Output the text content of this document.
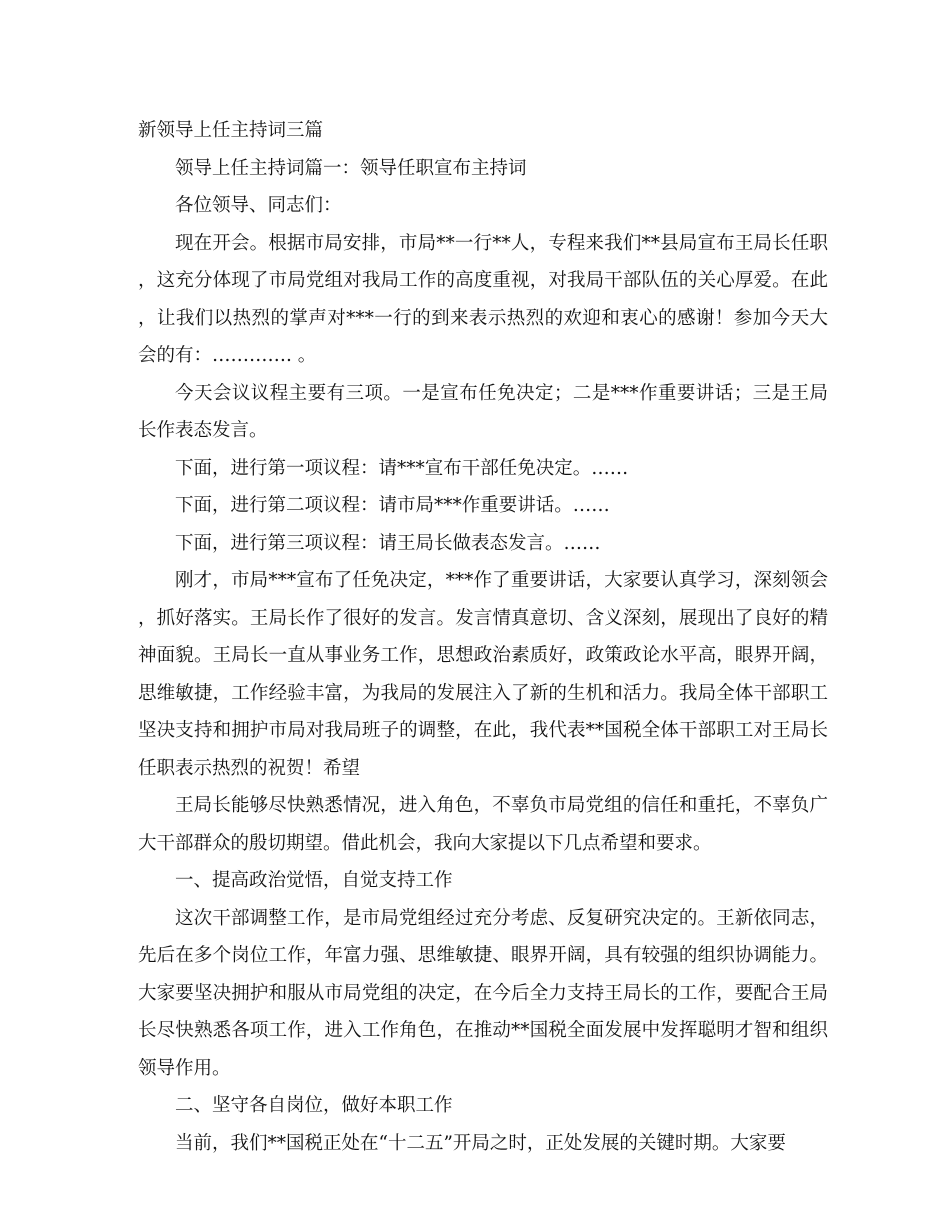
新领导上任主持词三篇

领导上任主持词篇一：领导任职宣布主持词

各位领导、同志们：

现在开会。根据市局安排，市局**一行**人，专程来我们**县局宣布王局长任职，这充分体现了市局党组对我局工作的高度重视，对我局干部队伍的关心厚爱。在此，让我们以热烈的掌声对***一行的到来表示热烈的欢迎和衷心的感谢！参加今天大会的有：…………. 。

今天会议议程主要有三项。一是宣布任免决定；二是***作重要讲话；三是王局长作表态发言。

下面，进行第一项议程：请***宣布干部任免决定。……

下面，进行第二项议程：请市局***作重要讲话。……

下面，进行第三项议程：请王局长做表态发言。……

刚才，市局***宣布了任免决定，***作了重要讲话，大家要认真学习，深刻领会，抓好落实。王局长作了很好的发言。发言情真意切、含义深刻，展现出了良好的精神面貌。王局长一直从事业务工作，思想政治素质好，政策政论水平高，眼界开阔，思维敏捷，工作经验丰富，为我局的发展注入了新的生机和活力。我局全体干部职工坚决支持和拥护市局对我局班子的调整，在此，我代表**国税全体干部职工对王局长任职表示热烈的祝贺！希望

王局长能够尽快熟悉情况，进入角色，不辜负市局党组的信任和重托，不辜负广大干部群众的殷切期望。借此机会，我向大家提以下几点希望和要求。

一、提高政治觉悟，自觉支持工作

这次干部调整工作，是市局党组经过充分考虑、反复研究决定的。王新依同志，先后在多个岗位工作，年富力强、思维敏捷、眼界开阔，具有较强的组织协调能力。大家要坚决拥护和服从市局党组的决定，在今后全力支持王局长的工作，要配合王局长尽快熟悉各项工作，进入工作角色，在推动**国税全面发展中发挥聪明才智和组织领导作用。

二、坚守各自岗位，做好本职工作

当前，我们**国税正处在“十二五”开局之时，正处发展的关键时期。大家要
